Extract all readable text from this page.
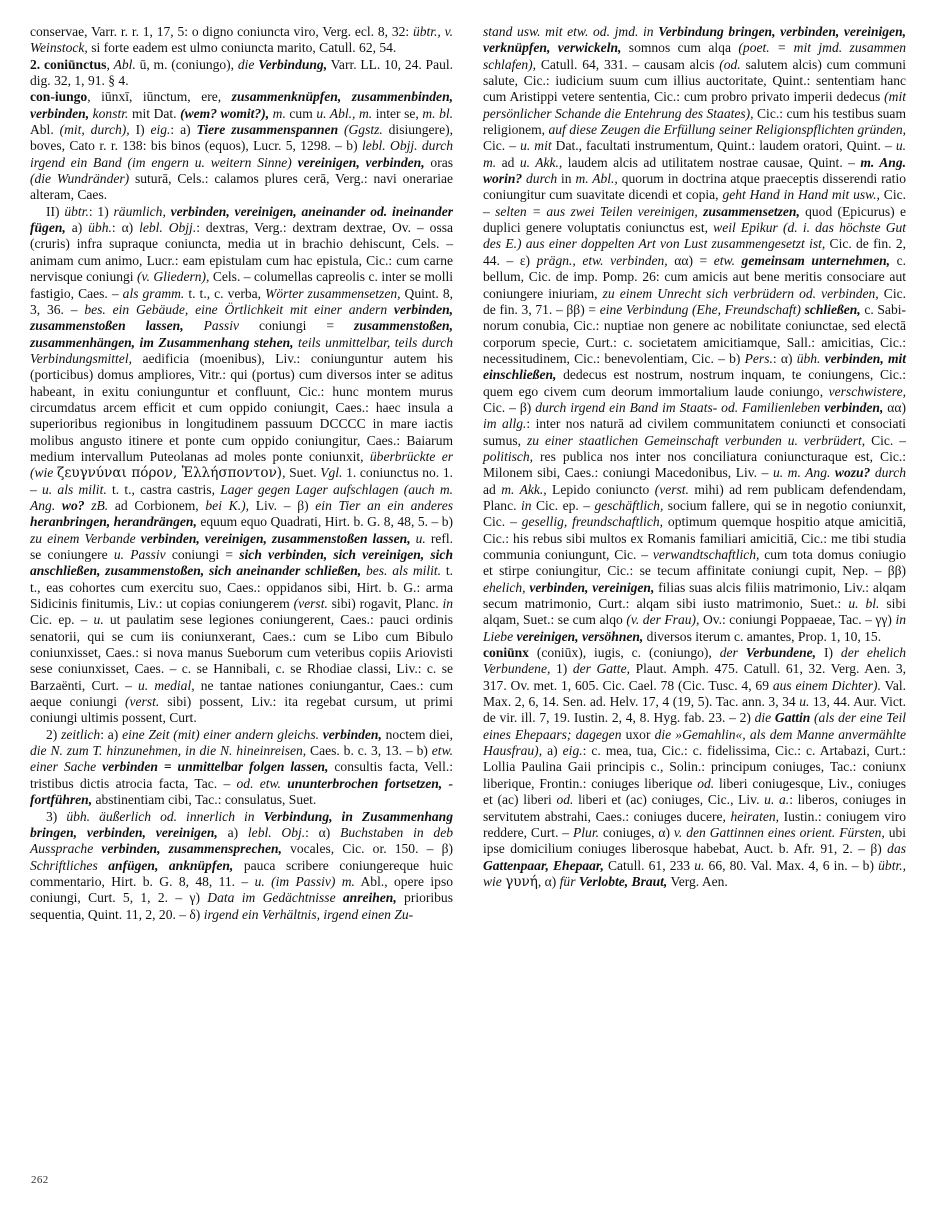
conservae, Varr. r. r. 1, 17, 5: o digno coniuncta viro, Verg. ecl. 8, 32: übtr., v. Weinstock, si forte eadem est ulmo coniuncta marito, Catull. 62, 54.

2. coniūnctus, Abl. ū, m. (coniungo), die Verbindung, Varr. LL. 10, 24. Paul. dig. 32, 1, 91. § 4.

con-iungo, iūnxī, iūnctum, ere, zusammenknüpfen, zusammenbinden, verbinden, konstr. mit Dat. (wem? womit?), m. cum u. Abl., m. inter se, m. bl. Abl. (mit, durch), I) eig.: a) Tiere zusammenspannen (Ggstz. disiungere), boves, Cato r. r. 138: bis binos (equos), Lucr. 5, 1298. – b) lebl. Objj. durch irgend ein Band (im engern u. weitern Sinne) vereinigen, verbinden, oras (die Wundränder) suturā, Cels.: calamos plures cerā, Verg.: navi onerariae alteram, Caes.

II) übtr.: 1) räumlich, verbinden, vereinigen, aneinander od. ineinander fügen, a) übh.: α) lebl. Objj.: dextras, Verg.: dextram dextrae, Ov. – ossa (cruris) infra supraque coniuncta, media ut in brachio dehiscunt, Cels. – animam cum animo, Lucr.: eam epistulam cum hac epistula, Cic.: cum carne nervisque coniungi (v. Gliedern), Cels. – columellas capreolis c. inter se molli fastigio, Caes. – als gramm. t. t., c. verba, Wörter zusammensetzen, Quint. 8, 3, 36. – bes. ein Gebäude, eine Örtlichkeit mit einer andern verbinden, zusammenstoßen lassen, Passiv coniungi = zusammenstoßen, zusammenhängen, im Zusammenhang stehen, teils unmittelbar, teils durch Verbindungsmittel, aedificia (moenibus), Liv.: coniunguntur autem his (porticibus) domus ampliores, Vitr.: qui (portus) cum diversos inter se aditus habeant, in exitu coniunguntur et confluunt, Cic.: hunc montem murus circumdatus arcem efficit et cum oppido coniungit, Caes.: haec insula a superioribus regionibus in longitudinem passuum DCCCC in mare iactis molibus angusto itinere et ponte cum oppido coniungitur, Caes.: Baiarum medium intervallum Puteolanas ad moles ponte coniunxit, überbrückte er (wie ζευγνύναι πόρον, Ἑλλήσποντον), Suet. Vgl. 1. coniunctus no. 1. – u. als milit. t. t., castra castris, Lager gegen Lager aufschlagen (auch m. Ang. wo? zB. ad Corbionem, bei K.), Liv. – β) ein Tier an ein anderes heranbringen, herandrängen, equum equo Quadrati, Hirt. b. G. 8, 48, 5. – b) zu einem Verbande verbinden, vereinigen, zusammenstoßen lassen, u. refl. se coniungere u. Passiv coniungi = sich verbinden, sich vereinigen, sich anschließen, zusammenstoßen, sich aneinander schließen, bes. als milit. t. t., eas cohortes cum exercitu suo, Caes.: oppidanos sibi, Hirt. b. G.: arma Sidicinis finitumis, Liv.: ut copias coniungerem (verst. sibi) rogavit, Planc. in Cic. ep. – u. ut paulatim sese legiones coniungerent, Caes.: pauci ordinis senatorii, qui se cum iis coniunxerant, Caes.: cum se Libo cum Bibulo coniunxisset, Caes.: si nova manus Sueborum cum veteribus copiis Ariovisti sese coniunxisset, Caes. – c. se Hannibali, c. se Rhodiae classi, Liv.: c. se Barzaënti, Curt. – u. medial, ne tantae nationes coniungantur, Caes.: cum aeque coniungi (verst. sibi) possent, Liv.: ita regebat cursum, ut primi coniungi ultimis possent, Curt.

2) zeitlich: a) eine Zeit (mit) einer andern gleichs. verbinden, noctem diei, die N. zum T. hinzunehmen, in die N. hineinreisen, Caes. b. c. 3, 13. – b) etw. einer Sache verbinden = unmittelbar folgen lassen, consultis facta, Vell.: tristibus dictis atrocia facta, Tac. – od. etw. ununterbrochen fortsetzen, -fortführen, abstinentiam cibi, Tac.: consulatus, Suet.

3) übh. äußerlich od. innerlich in Verbindung, in Zusammenhang bringen, verbinden, vereinigen, a) lebl. Obj.: α) Buchstaben in deb Aussprache verbinden, zusammensprechen, vocales, Cic. or. 150. – β) Schriftliches anfügen, anknüpfen, pauca scribere coniungereque huic commentario, Hirt. b. G. 8, 48, 11. – u. (im Passiv) m. Abl., opere ipso coniungi, Curt. 5, 1, 2. – γ) Data im Gedächtnisse anreihen, prioribus sequentia, Quint. 11, 2, 20. – δ) irgend ein Verhältnis, irgend einen Zu-

stand usw. mit etw. od. jmd. in Verbindung bringen, verbinden, vereinigen, verknüpfen, verwickeln, somnos cum alqa (poet. = mit jmd. zusammen schlafen), Catull. 64, 331. – causam alcis (od. salutem alcis) cum communi salute, Cic.: iudicium suum cum illius auctoritate, Quint.: sententiam hanc cum Aristippi vetere sententia, Cic.: cum probro privato imperii dedecus (mit persönlicher Schande die Entehrung des Staates), Cic.: cum his testibus suam religionem, auf diese Zeugen die Erfüllung seiner Religionspflichten gründen, Cic. – u. mit Dat., facultati instrumentum, Quint.: laudem oratori, Quint. – u. m. ad u. Akk., laudem alcis ad utilitatem nostrae causae, Quint. – m. Ang. worin? durch in m. Abl., quorum in doctrina atque praeceptis disserendi ratio coniungitur cum suavitate dicendi et copia, geht Hand in Hand mit usw., Cic. – selten = aus zwei Teilen vereinigen, zusammensetzen, quod (Epicurus) e duplici genere voluptatis coniunctus est, weil Epikur (d. i. das höchste Gut des E.) aus einer doppelten Art von Lust zusammengesetzt ist, Cic. de fin. 2, 44. – ε) prägn., etw. verbinden, αα) = etw. gemeinsam unternehmen, c. bellum, Cic. de imp. Pomp. 26: cum amicis aut bene meritis consociare aut coniungere iniuriam, zu einem Unrecht sich verbrüdern od. verbinden, Cic. de fin. 3, 71. – ββ) = eine Verbindung (Ehe, Freundschaft) schließen, c. Sabinorum conubia, Cic.: nuptiae non genere ac nobilitate coniunctae, sed electā corporum specie, Curt.: c. societatem amicitiamque, Sall.: amicitias, Cic.: necessitudinem, Cic.: benevolentiam, Cic. – b) Pers.: α) übh. verbinden, mit einschließen, dedecus est nostrum, nostrum inquam, te coniungens, Cic.: quem ego civem cum deorum immortalium laude coniungo, verschwistere, Cic. – β) durch irgend ein Band im Staats- od. Familienleben verbinden, αα) im allg.: inter nos naturā ad civilem communitatem coniuncti et consociati sumus, zu einer staatlichen Gemeinschaft verbunden u. verbrüdert, Cic. – politisch, res publica nos inter nos conciliatura coniuncturaque est, Cic.: Milonem sibi, Caes.: coniungi Macedonibus, Liv. – u. m. Ang. wozu? durch ad m. Akk., Lepido coniuncto (verst. mihi) ad rem publicam defendendam, Planc. in Cic. ep. – geschäftlich, socium fallere, qui se in negotio coniunxit, Cic. – gesellig, freundschaftlich, optimum quemque hospitio atque amicitiā, Cic.: his rebus sibi multos ex Romanis familiari amicitiā, Cic.: me tibi studia communia coniungunt, Cic. – verwandtschaftlich, cum tota domus coniugio et stirpe coniungitur, Cic.: se tecum affinitate coniungi cupit, Nep. – ββ) ehelich, verbinden, vereinigen, filias suas alcis filiis matrimonio, Liv.: alqam secum matrimonio, Curt.: alqam sibi iusto matrimonio, Suet.: u. bl. sibi alqam, Suet.: se cum alqo (v. der Frau), Ov.: coniungi Poppaeae, Tac. – γγ) in Liebe vereinigen, versöhnen, diversos iterum c. amantes, Prop. 1, 10, 15.

coniūnx (coniūx), iugis, c. (coniungo), der Verbundene, I) der ehelich Verbundene, 1) der Gatte, Plaut. Amph. 475. Catull. 61, 32. Verg. Aen. 3, 317. Ov. met. 1, 605. Cic. Cael. 78 (Cic. Tusc. 4, 69 aus einem Dichter). Val. Max. 2, 6, 14. Sen. ad. Helv. 17, 4 (19, 5). Tac. ann. 3, 34 u. 13, 44. Aur. Vict. de vir. ill. 7, 19. Iustin. 2, 4, 8. Hyg. fab. 23. – 2) die Gattin (als der eine Teil eines Ehepaars; dagegen uxor die »Gemahlin«, als dem Manne anvermählte Hausfrau), a) eig.: c. mea, tua, Cic.: c. fidelissima, Cic.: c. Artabazi, Curt.: Lollia Paulina Gaii principis c., Solin.: principum coniuges, Tac.: coniunx liberique, Frontin.: coniuges liberique od. liberi coniugesque, Liv., coniuges et (ac) liberi od. liberi et (ac) coniuges, Cic., Liv. u. a.: liberos, coniuges in servitutem abstrahi, Caes.: coniuges ducere, heiraten, Iustin.: coniugem viro reddere, Curt. – Plur. coniuges, α) v. den Gattinnen eines orient. Fürsten, ubi ipse domicilium coniuges liberosque habebat, Auct. b. Afr. 91, 2. – β) das Gattenpaar, Ehepaar, Catull. 61, 233 u. 66, 80. Val. Max. 4, 6 in. – b) übtr., wie γυνή, α) für Verlobte, Braut, Verg. Aen.

262
